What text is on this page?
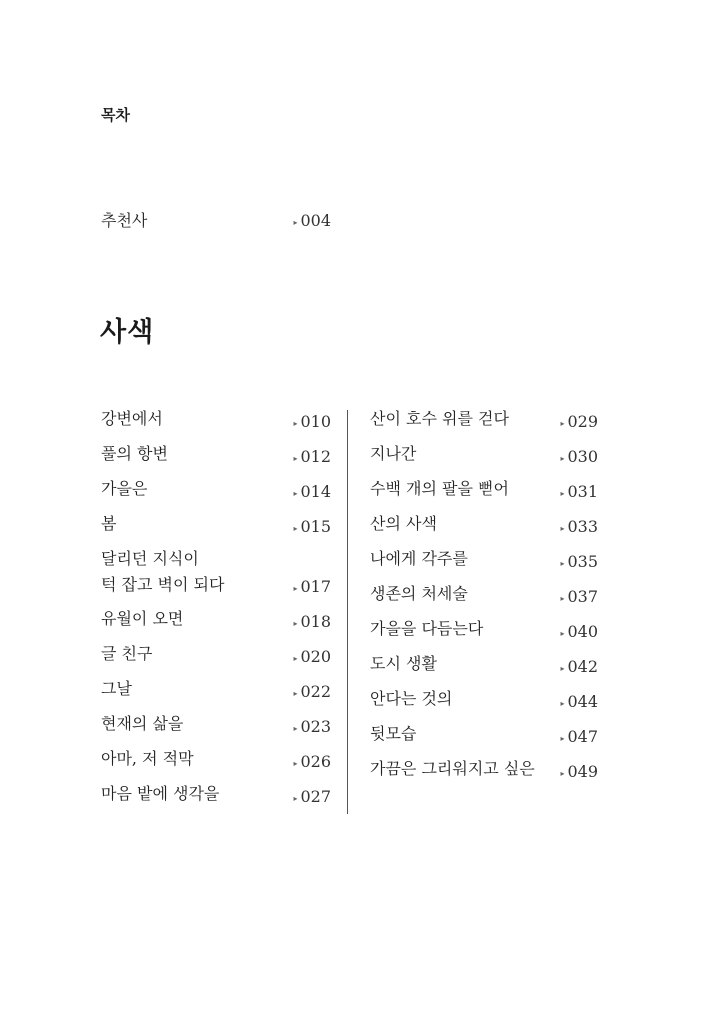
목차
추천사	▸ 004
사색
강변에서	▸ 010
풀의 항변	▸ 012
가을은	▸ 014
봄	▸ 015
달리던 지식이
턱 잡고 벽이 되다	▸ 017
유월이 오면	▸ 018
글 친구	▸ 020
그날	▸ 022
현재의 삶을	▸ 023
아마, 저 적막	▸ 026
마음 밭에 생각을	▸ 027
산이 호수 위를 걷다	▸ 029
지나간	▸ 030
수백 개의 팔을 뻗어	▸ 031
산의 사색	▸ 033
나에게 각주를	▸ 035
생존의 처세술	▸ 037
가을을 다듬는다	▸ 040
도시 생활	▸ 042
안다는 것의	▸ 044
뒷모습	▸ 047
가끔은 그리워지고 싶은	▸ 049
